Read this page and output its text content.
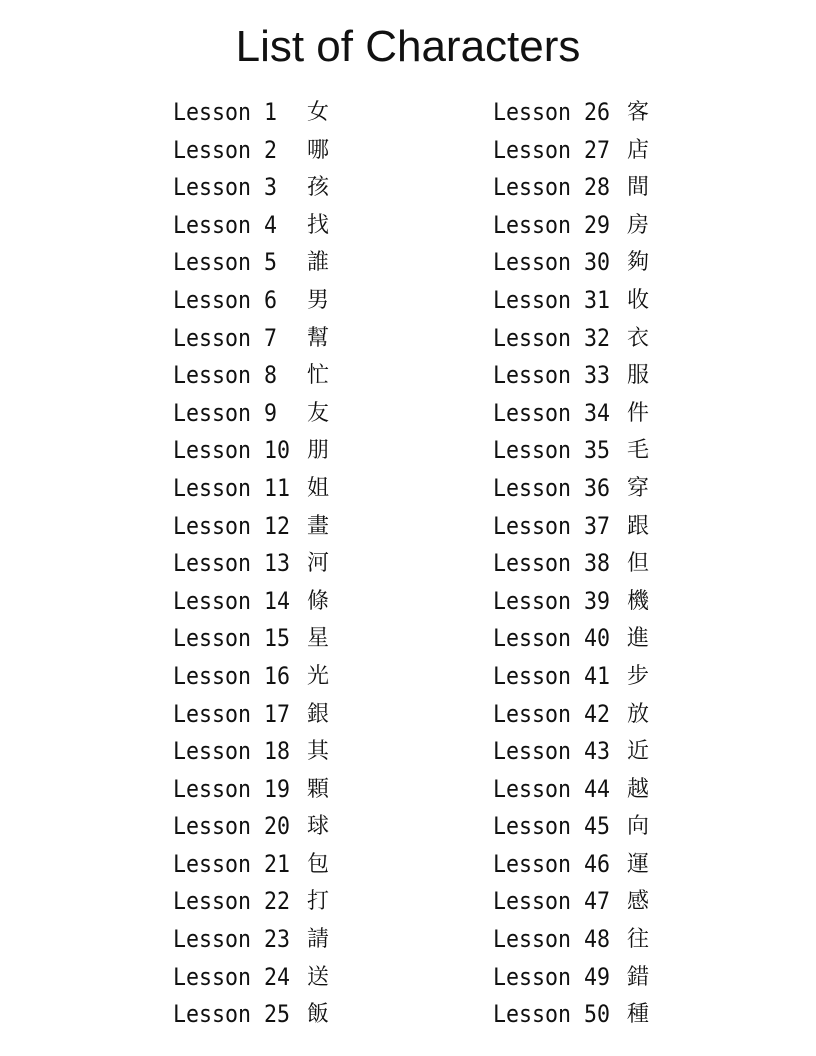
List of Characters
Lesson 1	女
Lesson 2	哪
Lesson 3	孩
Lesson 4	找
Lesson 5	誰
Lesson 6	男
Lesson 7	幫
Lesson 8	忙
Lesson 9	友
Lesson 10 朋
Lesson 11 姐
Lesson 12 畫
Lesson 13 河
Lesson 14 條
Lesson 15 星
Lesson 16 光
Lesson 17 銀
Lesson 18 其
Lesson 19 顆
Lesson 20 球
Lesson 21 包
Lesson 22 打
Lesson 23 請
Lesson 24 送
Lesson 25 飯
Lesson 26 客
Lesson 27 店
Lesson 28 間
Lesson 29 房
Lesson 30 夠
Lesson 31 收
Lesson 32 衣
Lesson 33 服
Lesson 34 件
Lesson 35 毛
Lesson 36 穿
Lesson 37 跟
Lesson 38 但
Lesson 39 機
Lesson 40 進
Lesson 41 步
Lesson 42 放
Lesson 43 近
Lesson 44 越
Lesson 45 向
Lesson 46 運
Lesson 47 感
Lesson 48 往
Lesson 49 錯
Lesson 50 種
